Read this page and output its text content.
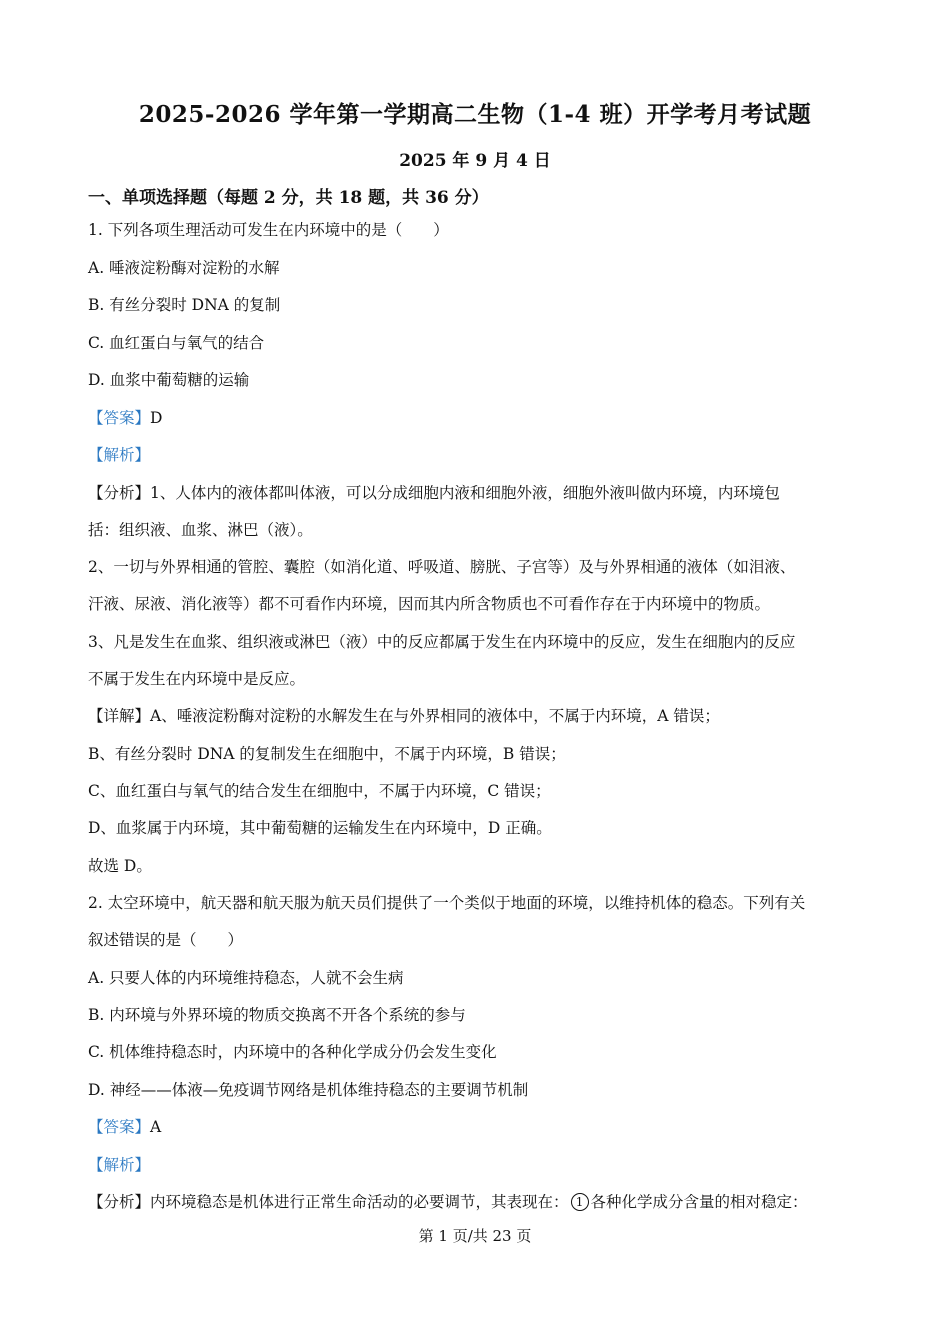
2025-2026 学年第一学期高二生物（1-4 班）开学考月考试题
2025 年 9 月 4 日
一、单项选择题（每题 2 分，共 18 题，共 36 分）
1. 下列各项生理活动可发生在内环境中的是（　　）
A. 唾液淀粉酶对淀粉的水解
B. 有丝分裂时 DNA 的复制
C. 血红蛋白与氧气的结合
D. 血浆中葡萄糖的运输
【答案】D
【解析】
【分析】1、人体内的液体都叫体液，可以分成细胞内液和细胞外液，细胞外液叫做内环境，内环境包
括：组织液、血浆、淋巴（液）。
2、一切与外界相通的管腔、囊腔（如消化道、呼吸道、膀胱、子宫等）及与外界相通的液体（如泪液、
汗液、尿液、消化液等）都不可看作内环境，因而其内所含物质也不可看作存在于内环境中的物质。
3、凡是发生在血浆、组织液或淋巴（液）中的反应都属于发生在内环境中的反应，发生在细胞内的反应
不属于发生在内环境中是反应。
【详解】A、唾液淀粉酶对淀粉的水解发生在与外界相同的液体中，不属于内环境，A 错误；
B、有丝分裂时 DNA 的复制发生在细胞中，不属于内环境，B 错误；
C、血红蛋白与氧气的结合发生在细胞中，不属于内环境，C 错误；
D、血浆属于内环境，其中葡萄糖的运输发生在内环境中，D 正确。
故选 D。
2. 太空环境中，航天器和航天服为航天员们提供了一个类似于地面的环境，以维持机体的稳态。下列有关
叙述错误的是（　　）
A. 只要人体的内环境维持稳态，人就不会生病
B. 内环境与外界环境的物质交换离不开各个系统的参与
C. 机体维持稳态时，内环境中的各种化学成分仍会发生变化
D. 神经——体液—免疫调节网络是机体维持稳态的主要调节机制
【答案】A
【解析】
【分析】内环境稳态是机体进行正常生命活动的必要调节，其表现在： 1 各种化学成分含量的相对稳定：
第 1 页/共 23 页
